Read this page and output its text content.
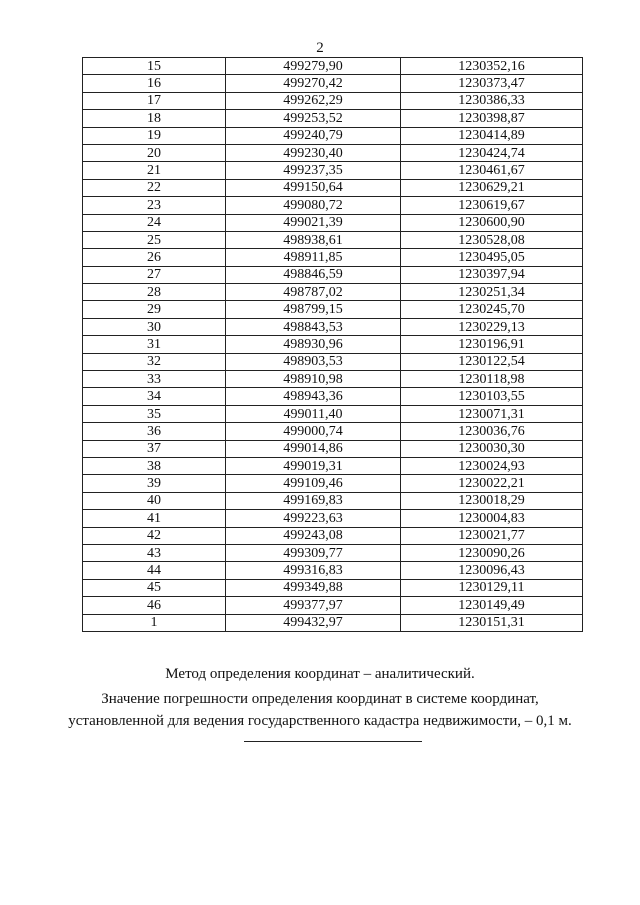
2
15	499279,90	1230352,16
16	499270,42	1230373,47
17	499262,29	1230386,33
18	499253,52	1230398,87
19	499240,79	1230414,89
20	499230,40	1230424,74
21	499237,35	1230461,67
22	499150,64	1230629,21
23	499080,72	1230619,67
24	499021,39	1230600,90
25	498938,61	1230528,08
26	498911,85	1230495,05
27	498846,59	1230397,94
28	498787,02	1230251,34
29	498799,15	1230245,70
30	498843,53	1230229,13
31	498930,96	1230196,91
32	498903,53	1230122,54
33	498910,98	1230118,98
34	498943,36	1230103,55
35	499011,40	1230071,31
36	499000,74	1230036,76
37	499014,86	1230030,30
38	499019,31	1230024,93
39	499109,46	1230022,21
40	499169,83	1230018,29
41	499223,63	1230004,83
42	499243,08	1230021,77
43	499309,77	1230090,26
44	499316,83	1230096,43
45	499349,88	1230129,11
46	499377,97	1230149,49
1	499432,97	1230151,31
Метод определения координат – аналитический.
Значение погрешности определения координат в системе координат,
установленной для ведения государственного кадастра недвижимости, – 0,1 м.
